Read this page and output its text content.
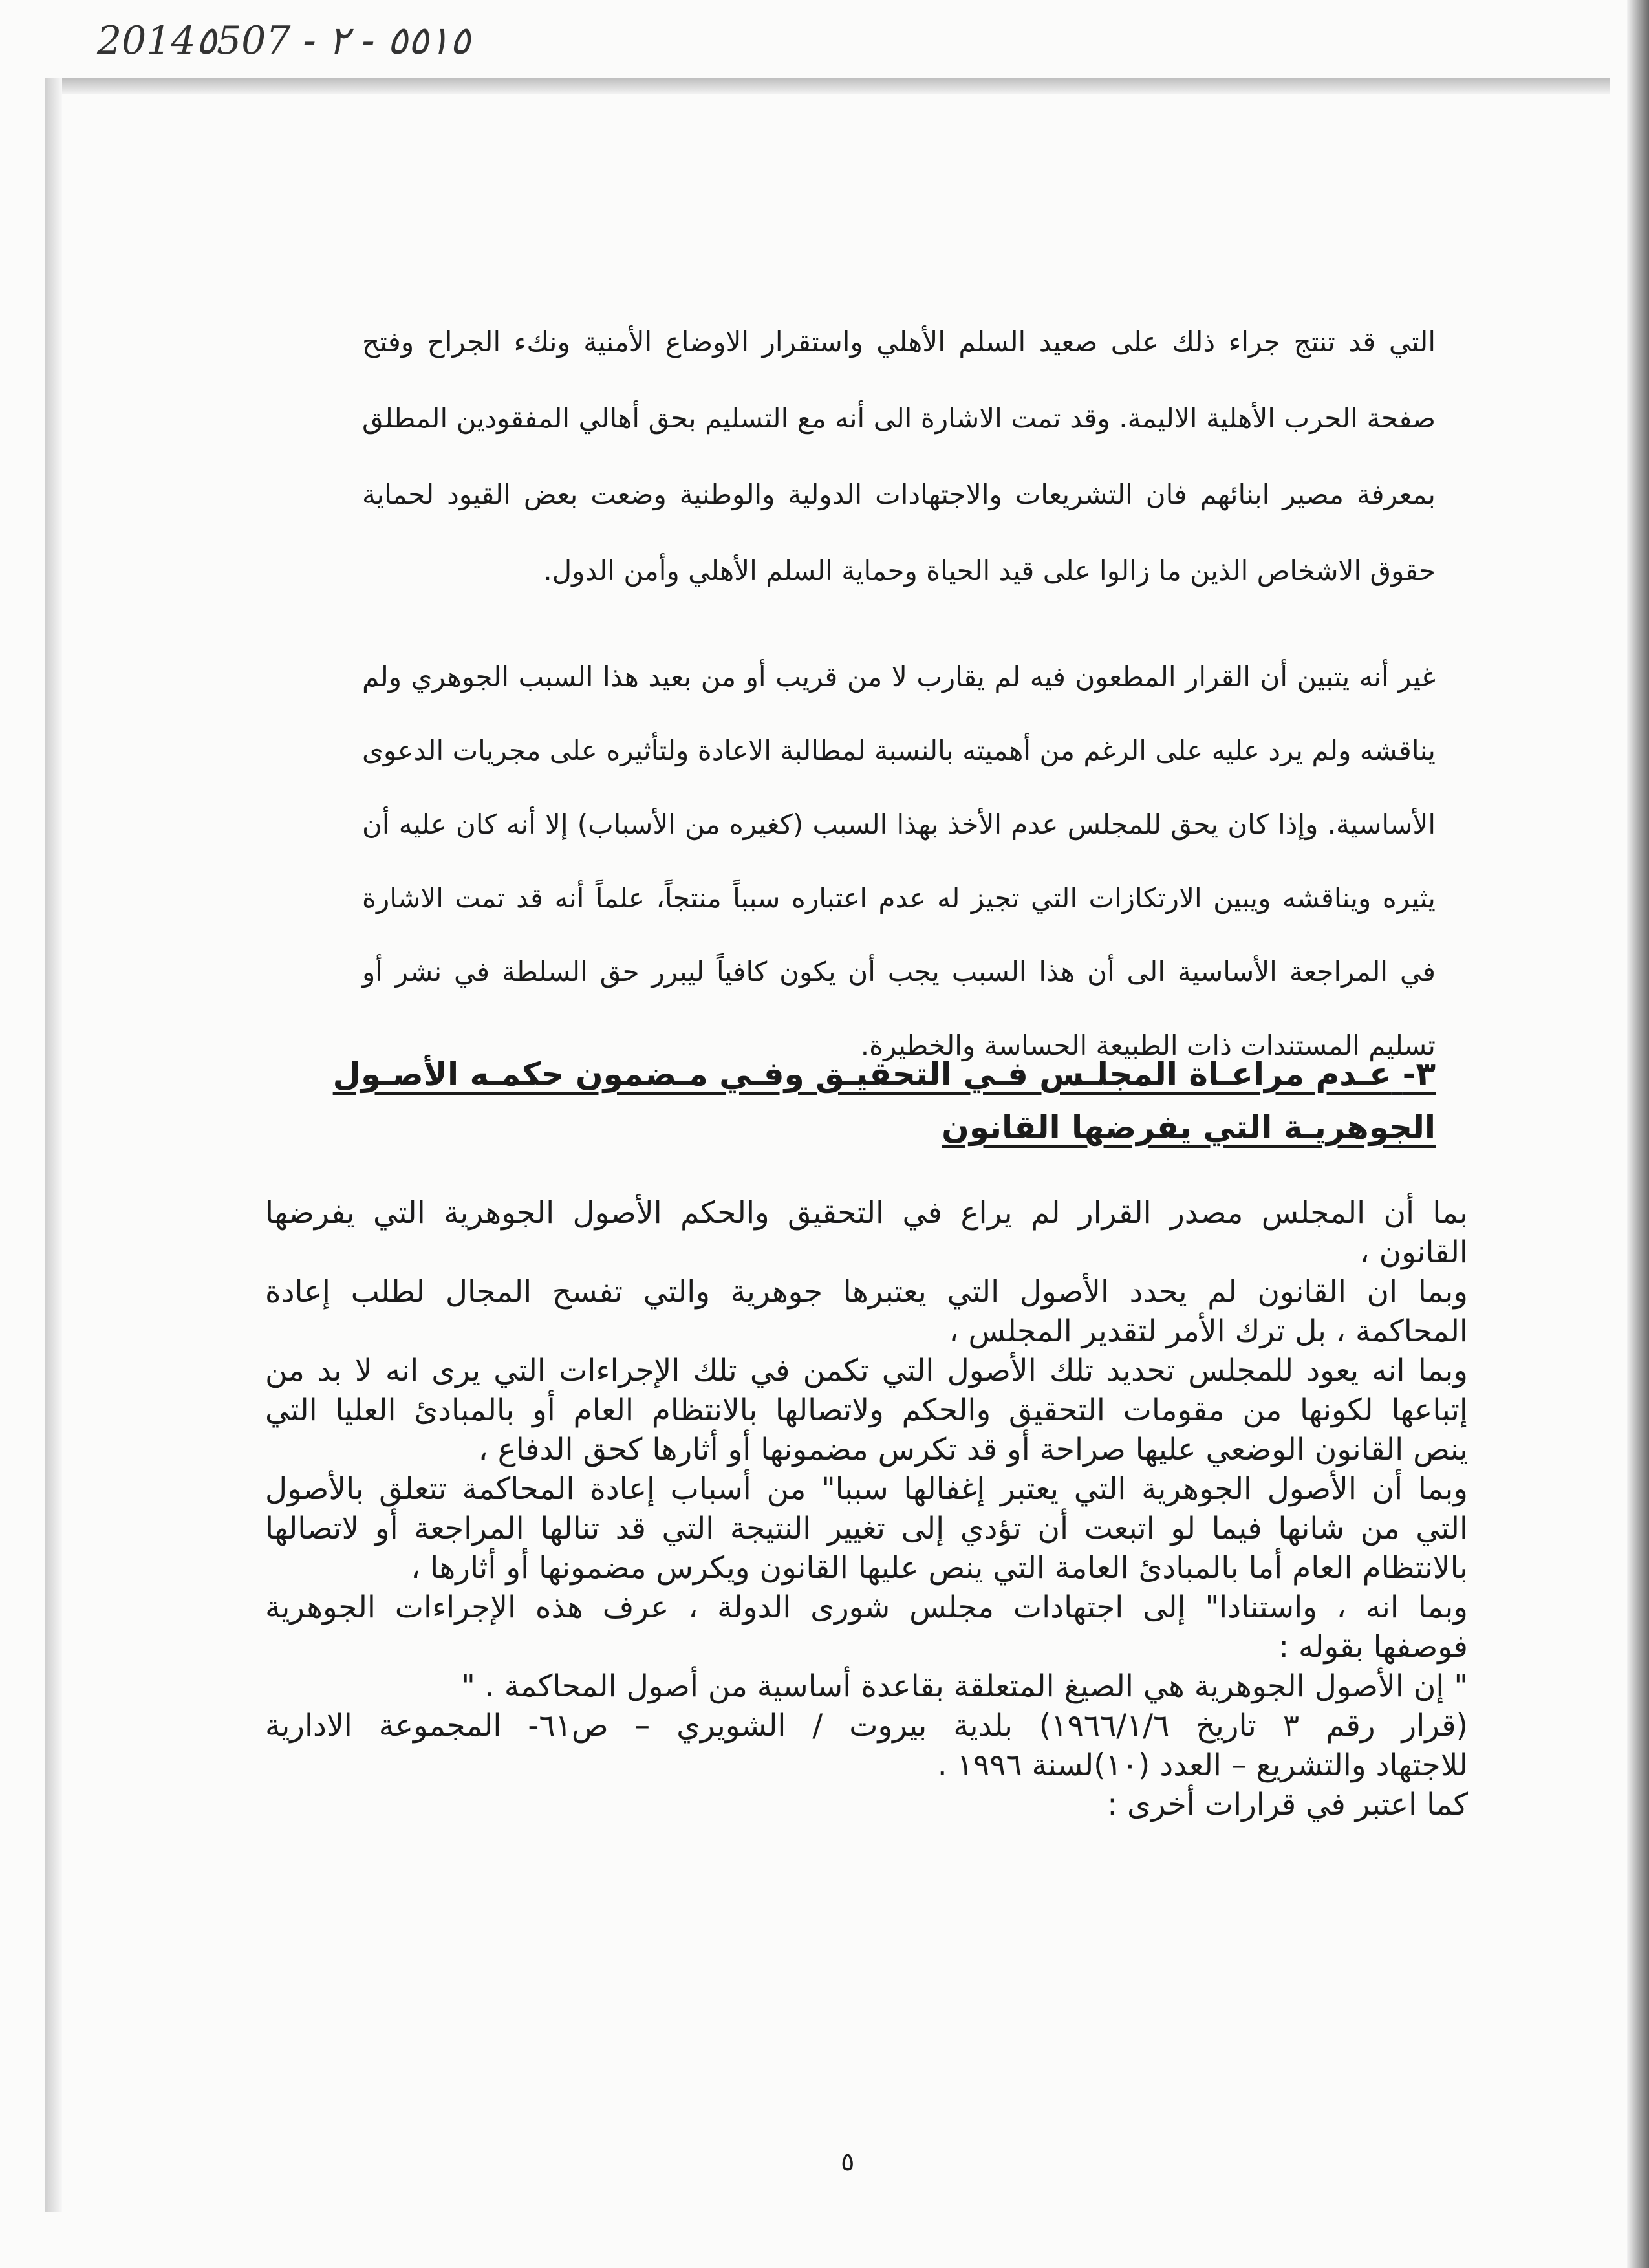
2014٥507 - ٥٥١٥ - ٢

التي قد تنتج جراء ذلك على صعيد السلم الأهلي واستقرار الاوضاع الأمنية ونكء الجراح وفتح صفحة الحرب الأهلية الاليمة. وقد تمت الاشارة الى أنه مع التسليم بحق أهالي المفقودين المطلق بمعرفة مصير ابنائهم فان التشريعات والاجتهادات الدولية والوطنية وضعت بعض القيود لحماية حقوق الاشخاص الذين ما زالوا على قيد الحياة وحماية السلم الأهلي وأمن الدول.

غير أنه يتبين أن القرار المطعون فيه لم يقارب لا من قريب أو من بعيد هذا السبب الجوهري ولم يناقشه ولم يرد عليه على الرغم من أهميته بالنسبة لمطالبة الاعادة ولتأثيره على مجريات الدعوى الأساسية. وإذا كان يحق للمجلس عدم الأخذ بهذا السبب (كغيره من الأسباب) إلا أنه كان عليه أن يثيره ويناقشه ويبين الارتكازات التي تجيز له عدم اعتباره سبباً منتجاً، علماً أنه قد تمت الاشارة في المراجعة الأساسية الى أن هذا السبب يجب أن يكون كافياً ليبرر حق السلطة في نشر أو تسليم المستندات ذات الطبيعة الحساسة والخطيرة.

٣- عـدم مراعـاة المجلـس فـي التحقيـق وفـي مـضمون حكمـه الأصـول الجوهريـة التي يفرضها القانون
بما أن المجلس مصدر القرار لم يراع في التحقيق والحكم الأصول الجوهرية التي يفرضها
القانون ،
وبما ان القانون لم يحدد الأصول التي يعتبرها جوهرية والتي تفسح المجال لطلب إعادة
المحاكمة ، بل ترك الأمر لتقدير المجلس ،
وبما انه يعود للمجلس تحديد تلك الأصول التي تكمن في تلك الإجراءات التي يرى انه لا بد من
إتباعها لكونها من مقومات التحقيق والحكم ولاتصالها بالانتظام العام أو بالمبادئ العليا التي
ينص القانون الوضعي عليها صراحة أو قد تكرس مضمونها أو أثارها كحق الدفاع ،
وبما أن الأصول الجوهرية التي يعتبر إغفالها سببا" من أسباب إعادة المحاكمة تتعلق بالأصول
التي من شانها فيما لو اتبعت أن تؤدي إلى تغيير النتيجة التي قد تنالها المراجعة أو لاتصالها
بالانتظام العام أما بالمبادئ العامة التي ينص عليها القانون ويكرس مضمونها أو أثارها ،
وبما انه ، واستنادا" إلى اجتهادات مجلس شورى الدولة ، عرف هذه الإجراءات الجوهرية
فوصفها بقوله :
" إن الأصول الجوهرية هي الصيغ المتعلقة بقاعدة أساسية من أصول المحاكمة . "
(قرار رقم ٣ تاريخ ١٩٦٦/١/٦) بلدية بيروت / الشويري – ص٦١- المجموعة الادارية
للاجتهاد والتشريع – العدد (١٠)لسنة ١٩٩٦ .
كما اعتبر في قرارات أخرى :
٥
